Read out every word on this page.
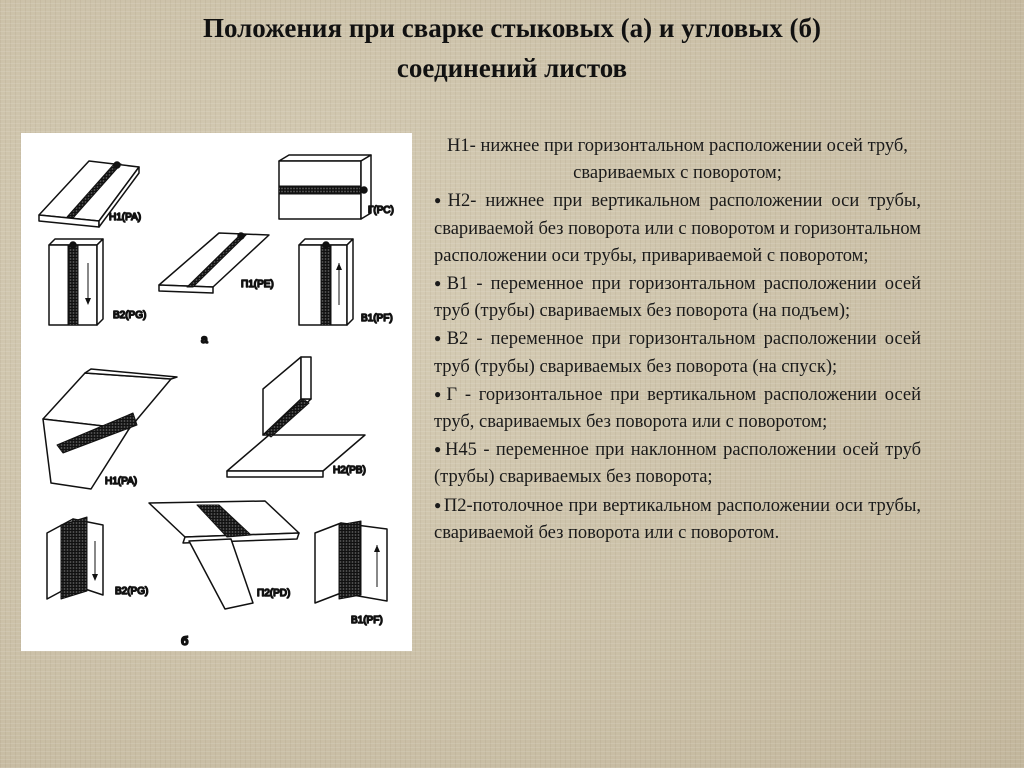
Положения при сварке стыковых (а) и угловых (б)
соединений листов
Н1(РА)
Г(РС)
П1(РЕ)
В2(PG)	В1(PF)
а
Н1(РА)
Н2(РВ)
В2(PG)	П2(PD)
В1(PF)
б

Н1- нижнее при горизонтальном расположении осей труб, свариваемых с поворотом;

● Н2- нижнее при вертикальном расположении оси трубы, свариваемой без поворота или с поворотом и горизонтальном расположении оси трубы, привариваемой с поворотом;

● В1 - переменное при горизонтальном расположении осей труб (трубы) свариваемых без поворота (на подъем);

● В2 - переменное при горизонтальном расположении осей труб (трубы) свариваемых без поворота (на спуск);

● Г - горизонтальное при вертикальном расположении осей труб, свариваемых без поворота или с поворотом;

● Н45 - переменное при наклонном расположении осей труб (трубы) свариваемых без поворота;

● П2-потолочное при вертикальном расположении оси трубы, свариваемой без поворота или с поворотом.
